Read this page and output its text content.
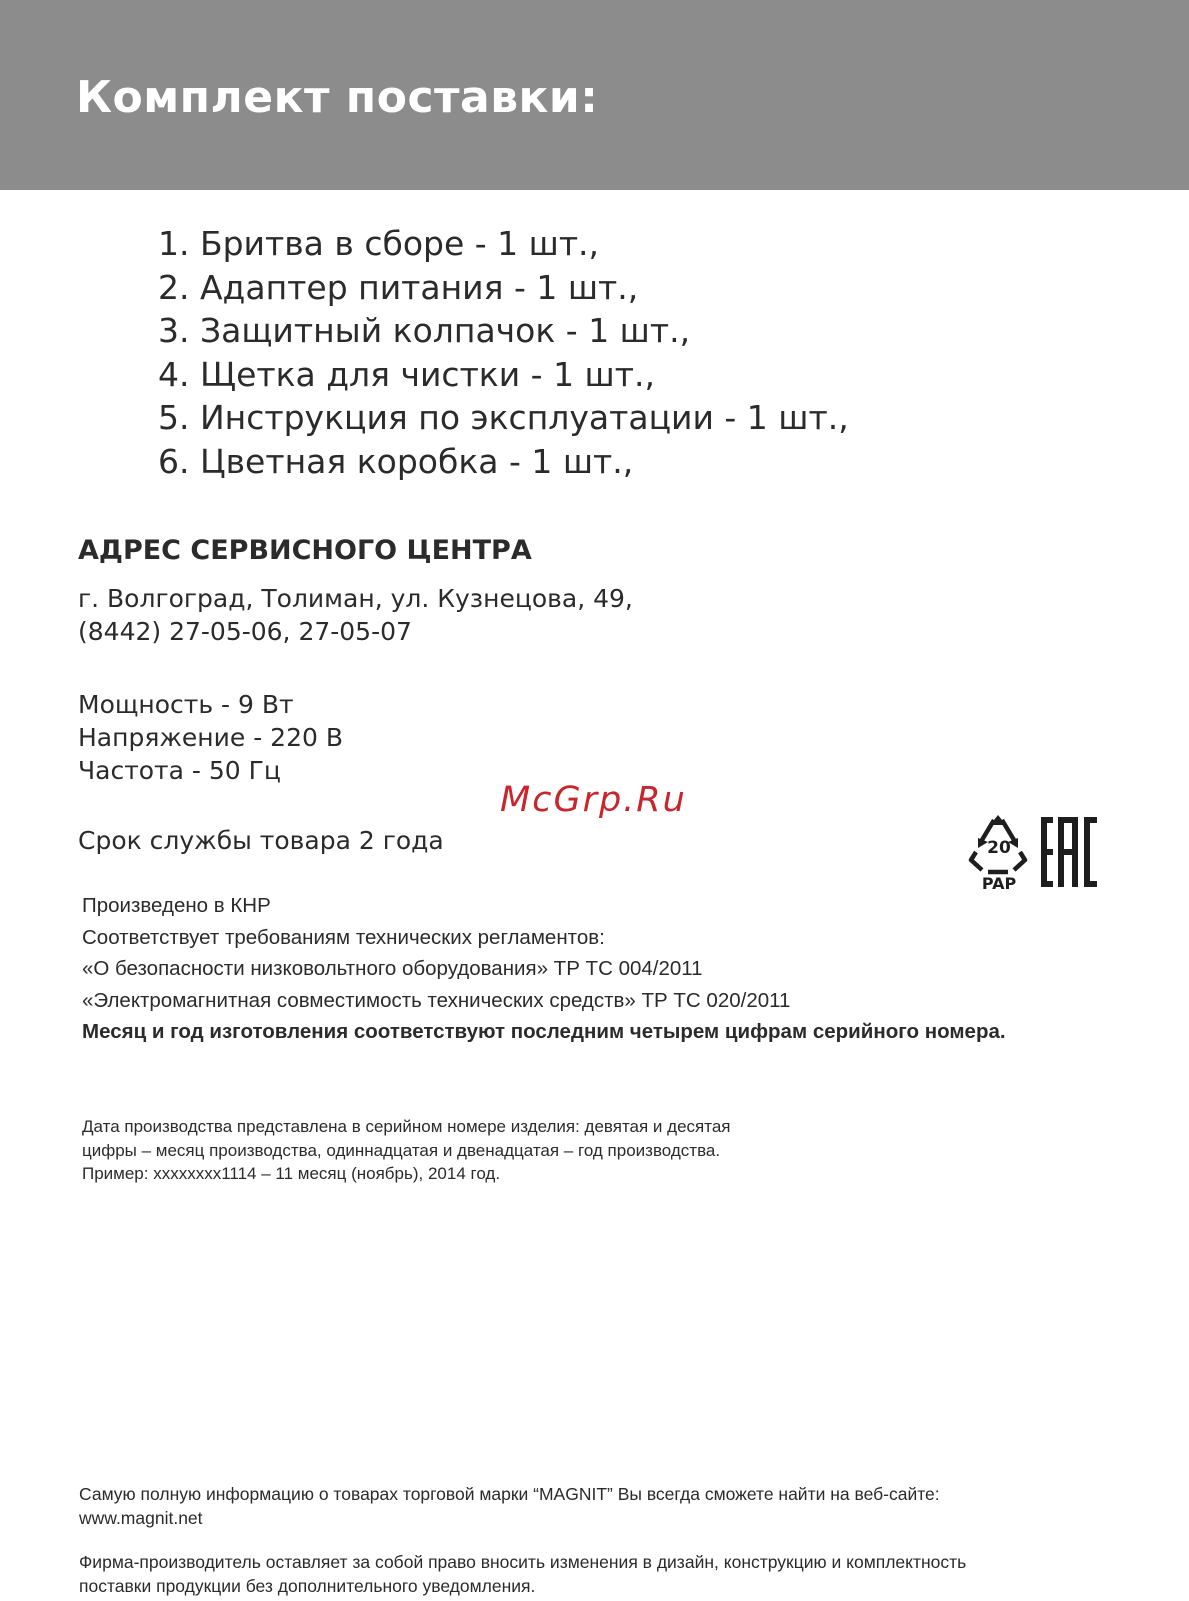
Комплект поставки:
1. Бритва в сборе - 1 шт.,
2. Адаптер питания - 1 шт.,
3. Защитный колпачок - 1 шт.,
4. Щетка для чистки - 1 шт.,
5. Инструкция по эксплуатации - 1 шт.,
6. Цветная коробка - 1 шт.,
АДРЕС СЕРВИСНОГО ЦЕНТРА
г. Волгоград, Толиман, ул. Кузнецова, 49,
(8442) 27-05-06, 27-05-07
Мощность - 9 Вт
Напряжение - 220 В
Частота - 50 Гц
McGrp.Ru
Срок службы товара 2 года	20
PAP
Произведено в КНР
Соответствует требованиям технических регламентов:
«О безопасности низковольтного оборудования» ТР ТС 004/2011
«Электромагнитная совместимость технических средств» ТР ТС 020/2011
Месяц и год изготовления соответствуют последним четырем цифрам серийного номера.
Дата производства представлена в серийном номере изделия: девятая и десятая
цифры – месяц производства, одиннадцатая и двенадцатая – год производства.
Пример: xxxxxxxx1114 – 11 месяц (ноябрь), 2014 год.
Самую полную информацию о товарах торговой марки “MAGNIT” Вы всегда сможете найти на веб-сайте:
www.magnit.net
Фирма-производитель оставляет за собой право вносить изменения в дизайн, конструкцию и комплектность
поставки продукции без дополнительного уведомления.
